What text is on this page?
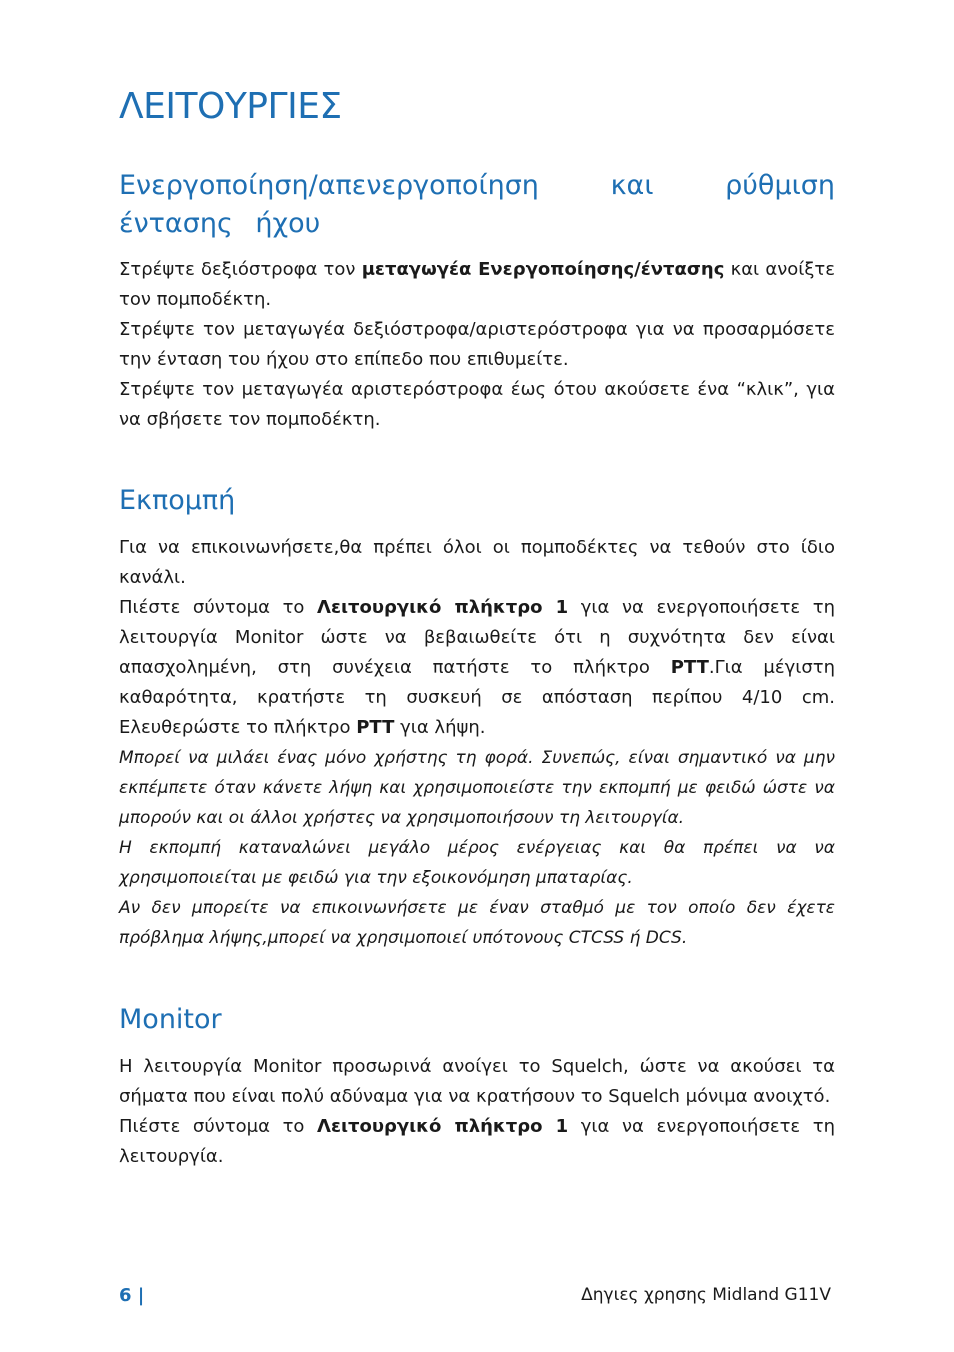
ΛΕΙΤΟΥΡΓΙΕΣ
Ενεργοποίηση/απενεργοποίηση και ρύθμιση έντασης ήχου

Στρέψτε δεξιόστροφα τον μεταγωγέα Ενεργοποίησης/έντασης και ανοίξτε τον πομποδέκτη.

Στρέψτε τον μεταγωγέα δεξιόστροφα/αριστερόστροφα για να προσαρμόσετε την ένταση του ήχου στο επίπεδο που επιθυμείτε.

Στρέψτε τον μεταγωγέα αριστερόστροφα έως ότου ακούσετε ένα “κλικ”, για να σβήσετε τον πομποδέκτη.

Εκπομπή

Για να επικοινωνήσετε,θα πρέπει όλοι οι πομποδέκτες να τεθούν στο ίδιο κανάλι.

Πιέστε σύντομα το Λειτουργικό πλήκτρο 1 για να ενεργοποιήσετε τη λειτουργία Monitor ώστε να βεβαιωθείτε ότι η συχνότητα δεν είναι απασχολημένη, στη συνέχεια πατήστε το πλήκτρο PTT.Για μέγιστη καθαρότητα, κρατήστε τη συσκευή σε απόσταση περίπου 4/10 cm. Ελευθερώστε το πλήκτρο PTT για λήψη.

Μπορεί να μιλάει ένας μόνο χρήστης τη φορά. Συνεπώς, είναι σημαντικό να μην εκπέμπετε όταν κάνετε λήψη και χρησιμοποιείστε την εκπομπή με φειδώ ώστε να μπορούν και οι άλλοι χρήστες να χρησιμοποιήσουν τη λειτουργία.

Η εκπομπή καταναλώνει μεγάλο μέρος ενέργειας και θα πρέπει να να χρησιμοποιείται με φειδώ για την εξοικονόμηση μπαταρίας.

Αν δεν μπορείτε να επικοινωνήσετε με έναν σταθμό με τον οποίο δεν έχετε πρόβλημα λήψης,μπορεί να χρησιμοποιεί υπότονους CTCSS ή DCS.

Monitor

Η λειτουργία Monitor προσωρινά ανοίγει το Squelch, ώστε να ακούσει τα σήματα που είναι πολύ αδύναμα για να κρατήσουν το Squelch μόνιμα ανοιχτό.

Πιέστε σύντομα το Λειτουργικό πλήκτρο 1 για να ενεργοποιήσετε τη λειτουργία.

6 |	Δηγιες χρησης Midland G11V
